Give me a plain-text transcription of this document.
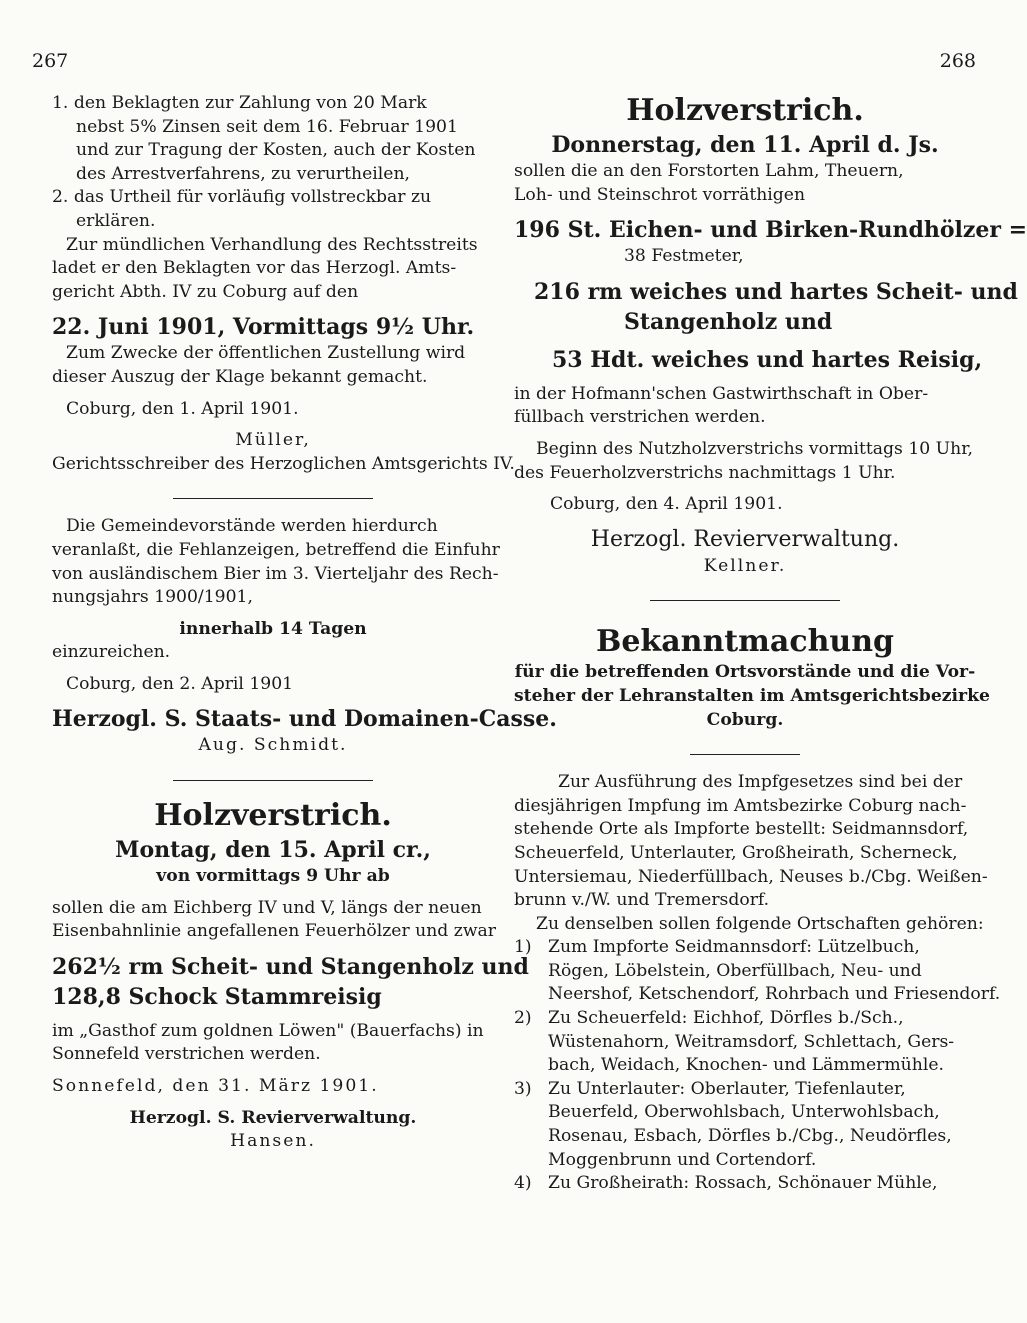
267	268
1. den Beklagten zur Zahlung von 20 Mark
nebst 5% Zinsen seit dem 16. Februar 1901
und zur Tragung der Kosten, auch der Kosten
des Arrestverfahrens, zu verurtheilen,
2. das Urtheil für vorläufig vollstreckbar zu
erklären.
Zur mündlichen Verhandlung des Rechtsstreits
ladet er den Beklagten vor das Herzogl. Amts-
gericht Abth. IV zu Coburg auf den
22. Juni 1901, Vormittags 9½ Uhr.
Zum Zwecke der öffentlichen Zustellung wird
dieser Auszug der Klage bekannt gemacht.
Coburg, den 1. April 1901.
Müller,
Gerichtsschreiber des Herzoglichen Amtsgerichts IV.
Die Gemeindevorstände werden hierdurch
veranlaßt, die Fehlanzeigen, betreffend die Einfuhr
von ausländischem Bier im 3. Vierteljahr des Rech-
nungsjahrs 1900/1901,
innerhalb 14 Tagen
einzureichen.
Coburg, den 2. April 1901
Herzogl. S. Staats- und Domainen-Casse.
Aug. Schmidt.
Holzverstrich.
Montag, den 15. April cr.,
von vormittags 9 Uhr ab
sollen die am Eichberg IV und V, längs der neuen
Eisenbahnlinie angefallenen Feuerhölzer und zwar
262½ rm Scheit- und Stangenholz und
128,8 Schock Stammreisig
im „Gasthof zum goldnen Löwen" (Bauerfachs) in
Sonnefeld verstrichen werden.
Sonnefeld, den 31. März 1901.
Herzogl. S. Revierverwaltung.
Hansen.
Holzverstrich.
Donnerstag, den 11. April d. Js.
sollen die an den Forstorten Lahm, Theuern,
Loh- und Steinschrot vorräthigen
196 St. Eichen- und Birken-Rundhölzer =
38 Festmeter,
216 rm weiches und hartes Scheit- und
Stangenholz und
53 Hdt. weiches und hartes Reisig,
in der Hofmann'schen Gastwirthschaft in Ober-
füllbach verstrichen werden.
Beginn des Nutzholzverstrichs vormittags 10 Uhr,
des Feuerholzverstrichs nachmittags 1 Uhr.
Coburg, den 4. April 1901.
Herzogl. Revierverwaltung.
Kellner.
Bekanntmachung
für die betreffenden Ortsvorstände und die Vor-
steher der Lehranstalten im Amtsgerichtsbezirke
Coburg.
Zur Ausführung des Impfgesetzes sind bei der
diesjährigen Impfung im Amtsbezirke Coburg nach-
stehende Orte als Impforte bestellt: Seidmannsdorf,
Scheuerfeld, Unterlauter, Großheirath, Scherneck,
Untersiemau, Niederfüllbach, Neuses b./Cbg. Weißen-
brunn v./W. und Tremersdorf.
Zu denselben sollen folgende Ortschaften gehören:
1) Zum Impforte Seidmannsdorf: Lützelbuch,
Rögen, Löbelstein, Oberfüllbach, Neu- und
Neershof, Ketschendorf, Rohrbach und Friesendorf.
2) Zu Scheuerfeld: Eichhof, Dörfles b./Sch.,
Wüstenahorn, Weitramsdorf, Schlettach, Gers-
bach, Weidach, Knochen- und Lämmermühle.
3) Zu Unterlauter: Oberlauter, Tiefenlauter,
Beuerfeld, Oberwohlsbach, Unterwohlsbach,
Rosenau, Esbach, Dörfles b./Cbg., Neudörfles,
Moggenbrunn und Cortendorf.
4) Zu Großheirath: Rossach, Schönauer Mühle,
